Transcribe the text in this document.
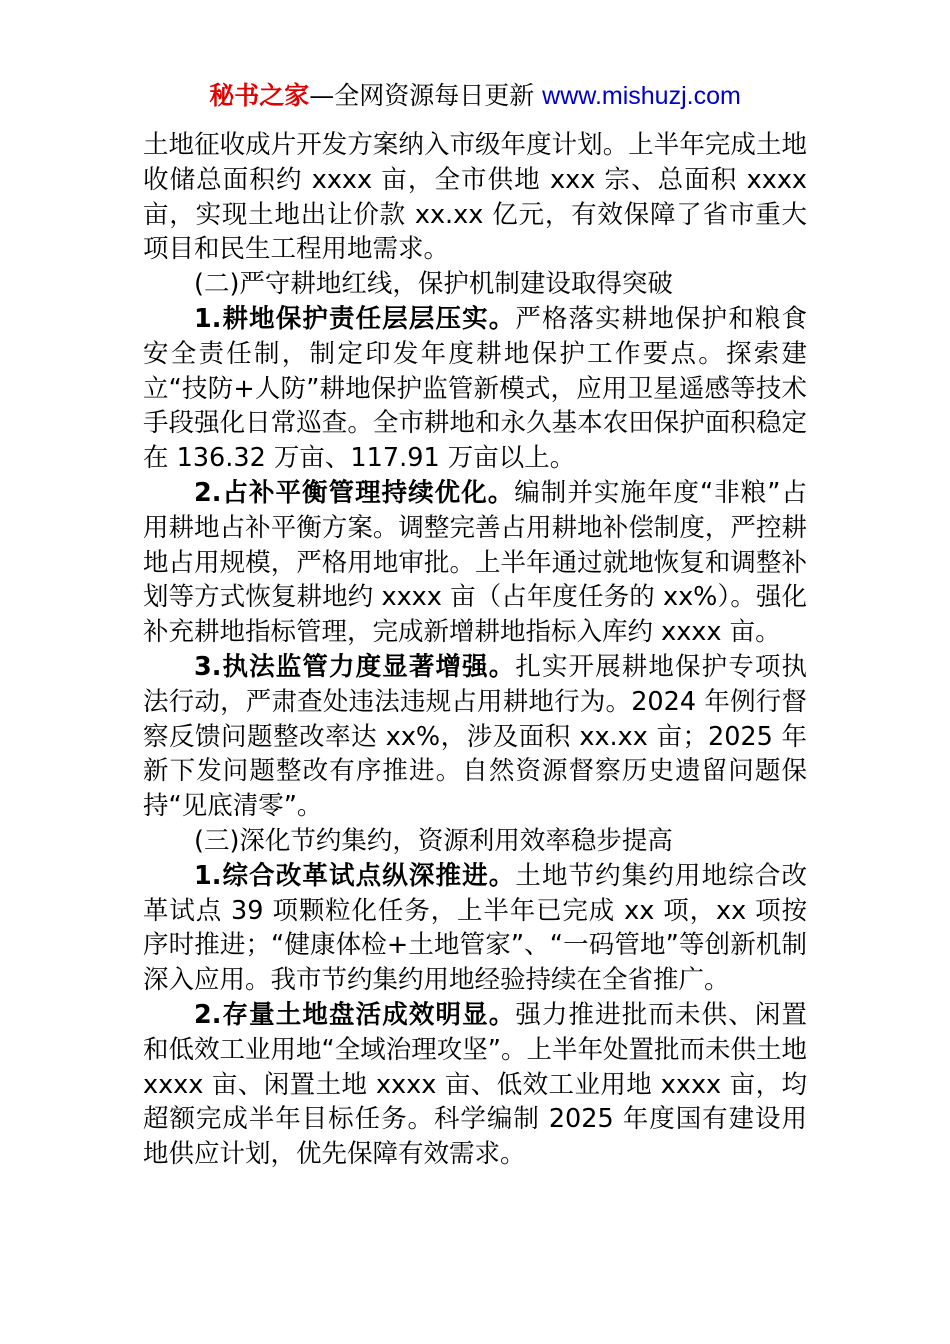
秘书之家—全网资源每日更新 www.mishuzj.com

土地征收成片开发方案纳入市级年度计划。上半年完成土地收储总面积约 xxxx 亩，全市供地 xxx 宗、总面积 xxxx 亩，实现土地出让价款 xx.xx 亿元，有效保障了省市重大项目和民生工程用地需求。

(二)严守耕地红线，保护机制建设取得突破

1.耕地保护责任层层压实。严格落实耕地保护和粮食安全责任制，制定印发年度耕地保护工作要点。探索建立“技防+人防”耕地保护监管新模式，应用卫星遥感等技术手段强化日常巡查。全市耕地和永久基本农田保护面积稳定在 136.32 万亩、117.91 万亩以上。

2.占补平衡管理持续优化。编制并实施年度“非粮”占用耕地占补平衡方案。调整完善占用耕地补偿制度，严控耕地占用规模，严格用地审批。上半年通过就地恢复和调整补划等方式恢复耕地约 xxxx 亩（占年度任务的 xx%）。强化补充耕地指标管理，完成新增耕地指标入库约 xxxx 亩。

3.执法监管力度显著增强。扎实开展耕地保护专项执法行动，严肃查处违法违规占用耕地行为。2024 年例行督察反馈问题整改率达 xx%，涉及面积 xx.xx 亩；2025 年新下发问题整改有序推进。自然资源督察历史遗留问题保持“见底清零”。

(三)深化节约集约，资源利用效率稳步提高

1.综合改革试点纵深推进。土地节约集约用地综合改革试点 39 项颗粒化任务，上半年已完成 xx 项，xx 项按序时推进；“健康体检+土地管家”、“一码管地”等创新机制深入应用。我市节约集约用地经验持续在全省推广。

2.存量土地盘活成效明显。强力推进批而未供、闲置和低效工业用地“全域治理攻坚”。上半年处置批而未供土地 xxxx 亩、闲置土地 xxxx 亩、低效工业用地 xxxx 亩，均超额完成半年目标任务。科学编制 2025 年度国有建设用地供应计划，优先保障有效需求。
